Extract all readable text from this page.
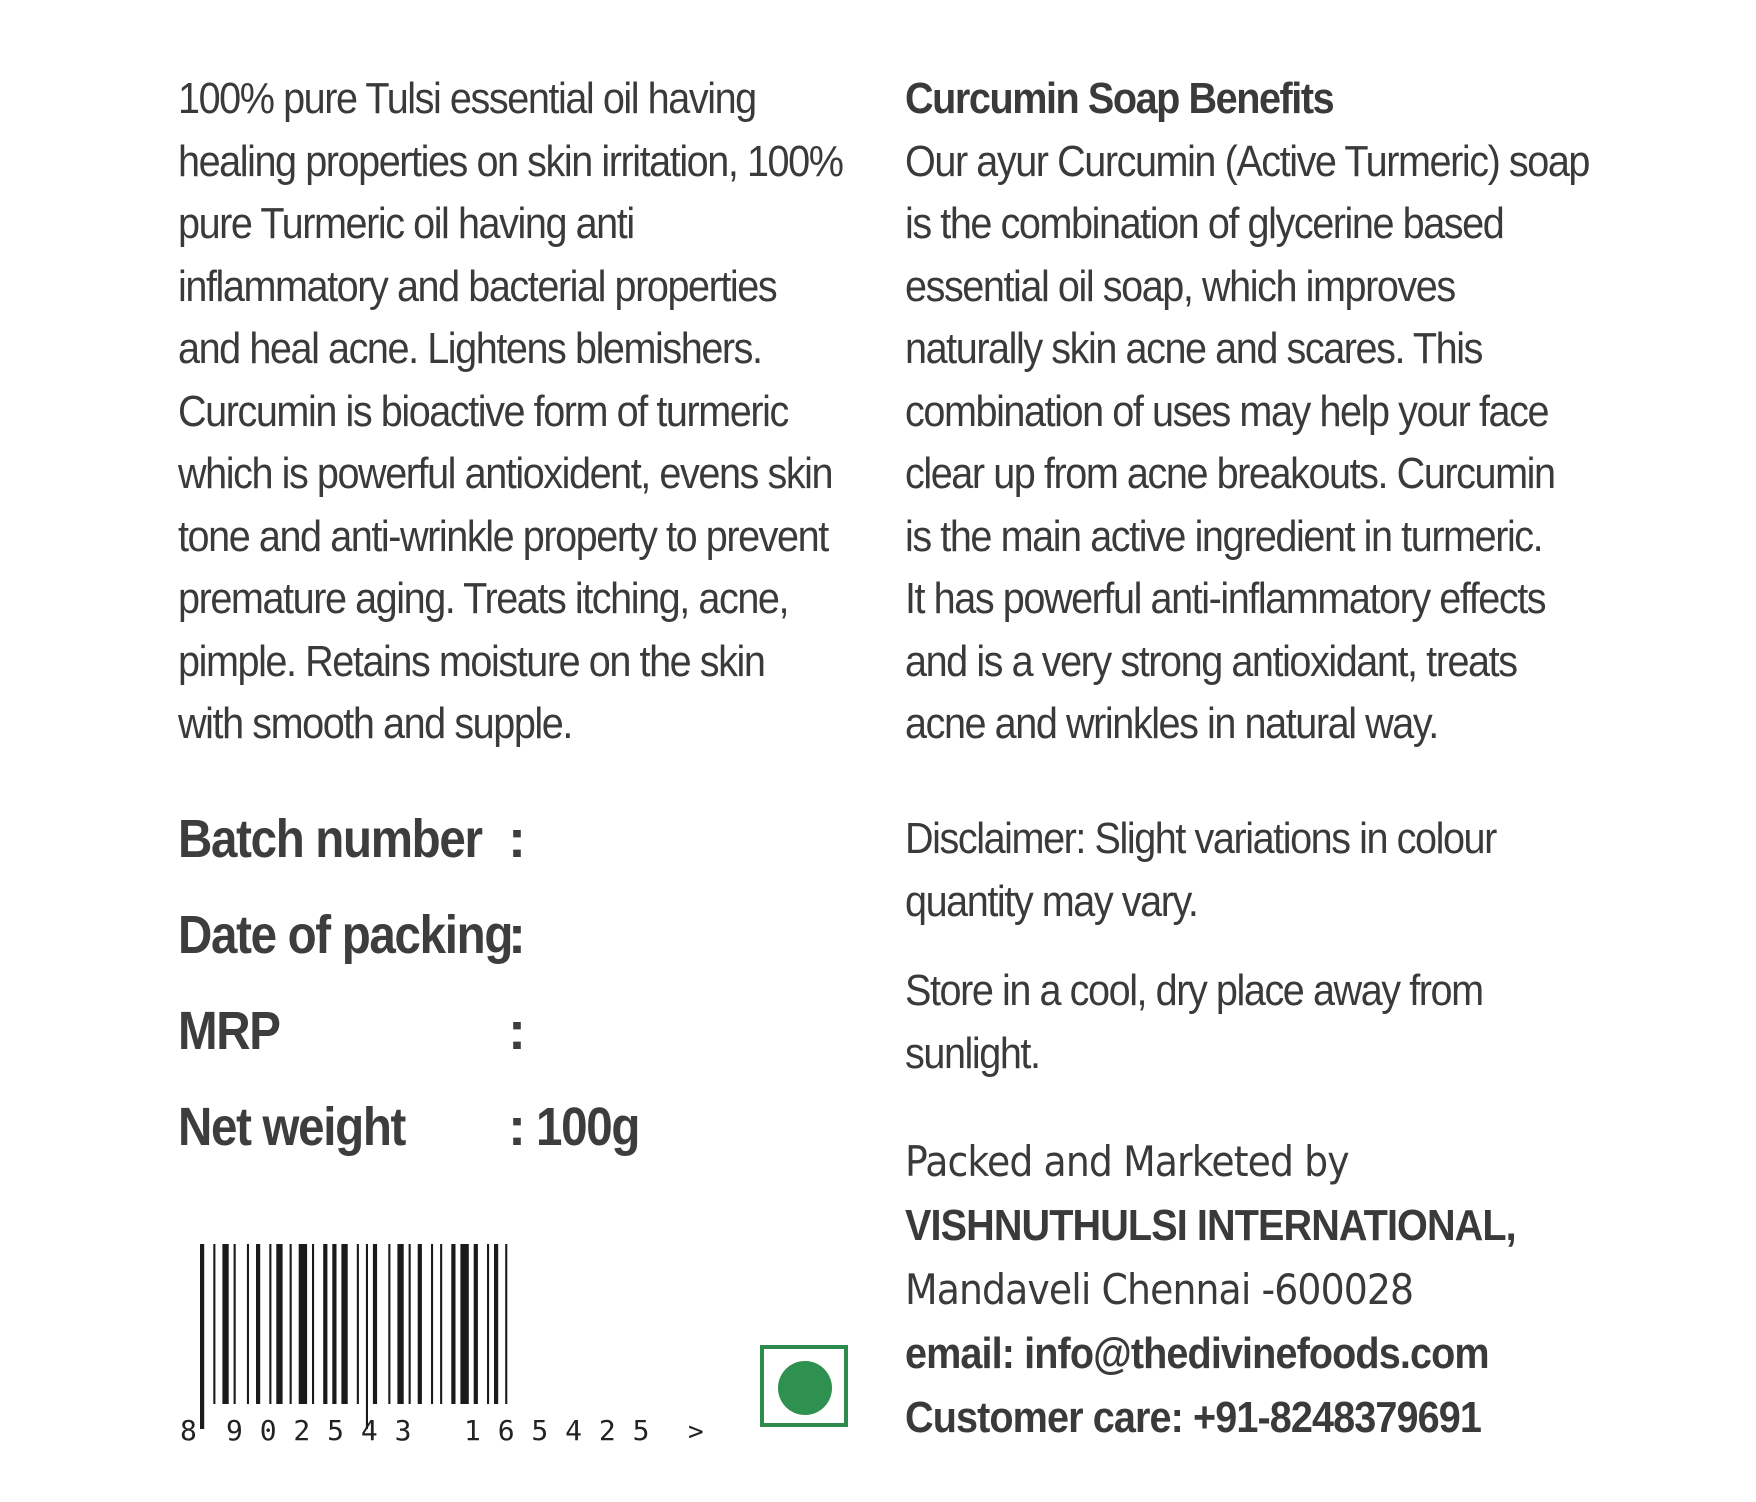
100% pure Tulsi essential oil having

healing properties on skin irritation, 100%

pure Turmeric oil having anti

inflammatory and bacterial properties

and heal acne. Lightens blemishers.

Curcumin is bioactive form of turmeric

which is powerful antioxident, evens skin

tone and anti-wrinkle property to prevent

premature aging. Treats itching, acne,

pimple. Retains moisture on the skin

with smooth and supple.

Curcumin Soap Benefits

Our ayur Curcumin (Active Turmeric) soap

is the combination of glycerine based

essential oil soap, which improves

naturally skin acne and scares. This

combination of uses may help your face

clear up from acne breakouts. Curcumin

is the main active ingredient in turmeric.

It has powerful anti-inflammatory effects

and is a very strong antioxidant, treats

acne and wrinkles in natural way.

Batch number :
Date of packing
:
MRP	:
Net weight	: 100g

Disclaimer: Slight variations in colour

quantity may vary.

Store in a cool, dry place away from

sunlight.

Packed and Marketed by
VISHNUTHULSI INTERNATIONAL,
Mandaveli Chennai -600028
email: info@thedivinefoods.com
Customer care: +91-8248379691
8 9 0 2 5 4 3 1 6 5 4 2 5 >
